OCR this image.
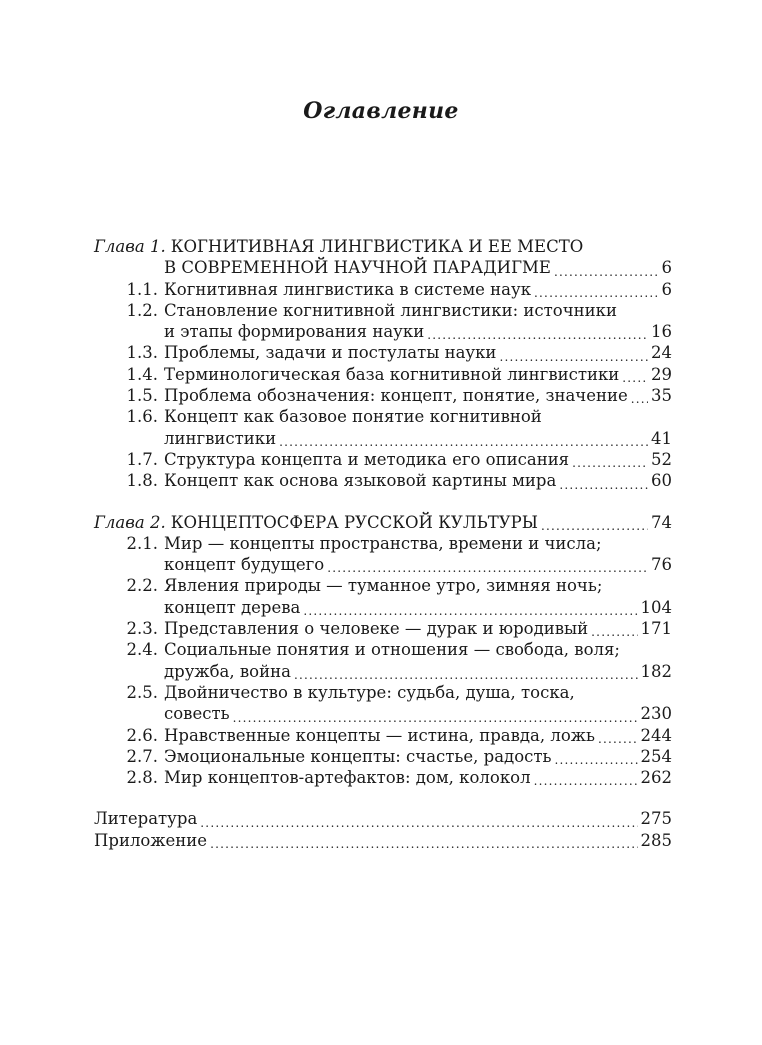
Оглавление
Глава 1. КОГНИТИВНАЯ ЛИНГВИСТИКА И ЕЕ МЕСТО
В СОВРЕМЕННОЙ НАУЧНОЙ ПАРАДИГМЕ .....	6
1.1. Когнитивная лингвистика в системе наук .....	6
1.2. Становление когнитивной лингвистики: источники
и этапы формирования науки .....	16
1.3. Проблемы, задачи и постулаты науки .....	24
1.4. Терминологическая база когнитивной лингвистики ..... 29
1.5. Проблема обозначения: концепт, понятие, значение ..... 35
1.6. Концепт как базовое понятие когнитивной
лингвистики .....	41
1.7. Структура концепта и методика его описания .....	52
1.8. Концепт как основа языковой картины мира .....	60
Глава 2. КОНЦЕПТОСФЕРА РУССКОЙ КУЛЬТУРЫ .....	74
2.1. Мир — концепты пространства, времени и числа;
концепт будущего .....	76
2.2. Явления природы — туманное утро, зимняя ночь;
концепт дерева .....	104
2.3. Представления о человеке — дурак и юродивый .....	171
2.4. Социальные понятия и отношения — свобода, воля;
дружба, война .....	182
2.5. Двойничество в культуре: судьба, душа, тоска,
совесть .....	230
2.6. Нравственные концепты — истина, правда, ложь .....	244
2.7. Эмоциональные концепты: счастье, радость .....	254
2.8. Мир концептов-артефактов: дом, колокол .....	262
Литература .....	275
Приложение .....	285
